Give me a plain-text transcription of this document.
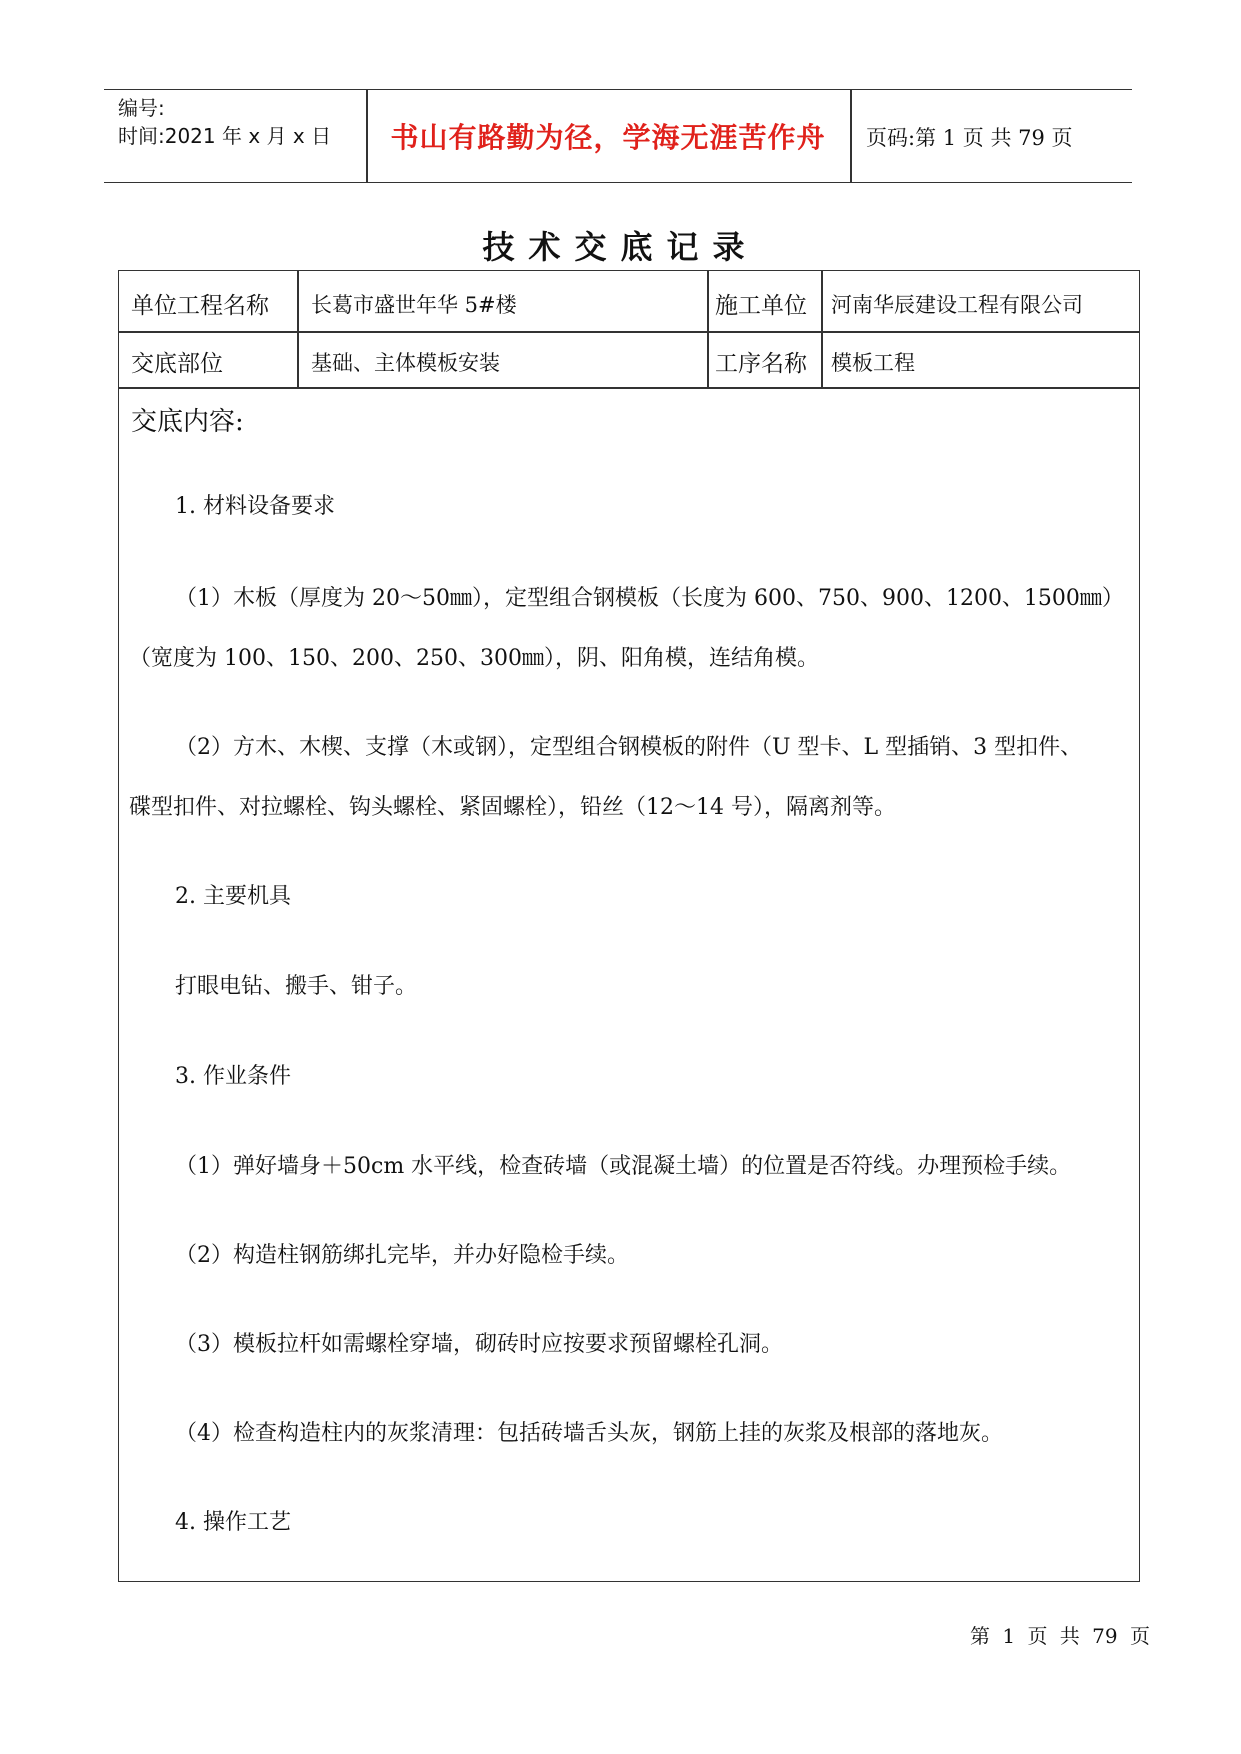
编号:
时间:2021 年 x 月 x 日	书山有路勤为径，学海无涯苦作舟	页码:第 1 页 共 79 页
技术交底记录
单位工程名称 长葛市盛世年华 5#楼	施工单位 河南华辰建设工程有限公司
交底部位	基础、主体模板安装	工序名称 模板工程
交底内容:
1. 材料设备要求
（1）木板（厚度为 20～50㎜），定型组合钢模板（长度为 600、750、900、1200、1500㎜）
（宽度为 100、150、200、250、300㎜），阴、阳角模，连结角模。
（2）方木、木楔、支撑（木或钢），定型组合钢模板的附件（U 型卡、L 型插销、3 型扣件、
碟型扣件、对拉螺栓、钩头螺栓、紧固螺栓），铅丝（12～14 号），隔离剂等。
2. 主要机具
打眼电钻、搬手、钳子。
3. 作业条件
（1）弹好墙身＋50cm 水平线，检查砖墙（或混凝土墙）的位置是否符线。办理预检手续。
（2）构造柱钢筋绑扎完毕，并办好隐检手续。
（3）模板拉杆如需螺栓穿墙，砌砖时应按要求预留螺栓孔洞。
（4）检查构造柱内的灰浆清理：包括砖墙舌头灰，钢筋上挂的灰浆及根部的落地灰。
4. 操作工艺
第 1 页 共 79 页
